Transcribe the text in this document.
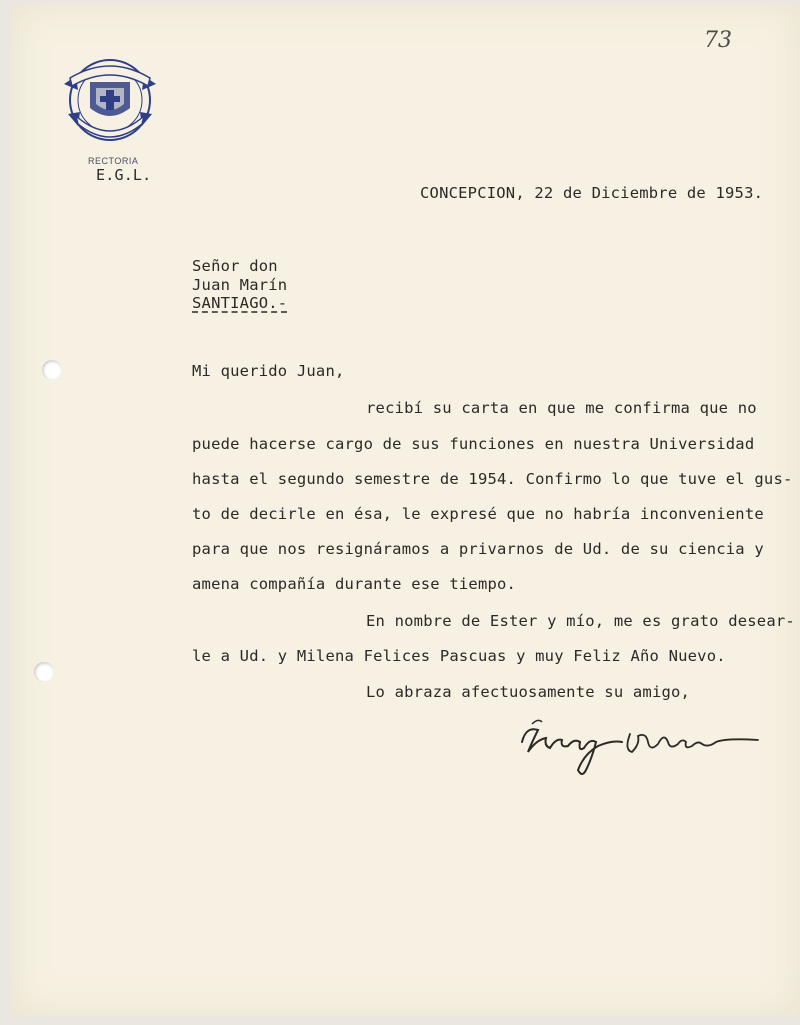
73
RECTORIA
E.G.L.
CONCEPCION, 22 de Diciembre de 1953.
Señor don
Juan Marín
SANTIAGO.-
Mi querido Juan,
recibí su carta en que me confirma que no
puede hacerse cargo de sus funciones en nuestra Universidad
hasta el segundo semestre de 1954. Confirmo lo que tuve el gus-
to de decirle en ésa, le expresé que no habría inconveniente
para que nos resignáramos a privarnos de Ud. de su ciencia y
amena compañía durante ese tiempo.
En nombre de Ester y mío, me es grato desear-
le a Ud. y Milena Felices Pascuas y muy Feliz Año Nuevo.
Lo abraza afectuosamente su amigo,
